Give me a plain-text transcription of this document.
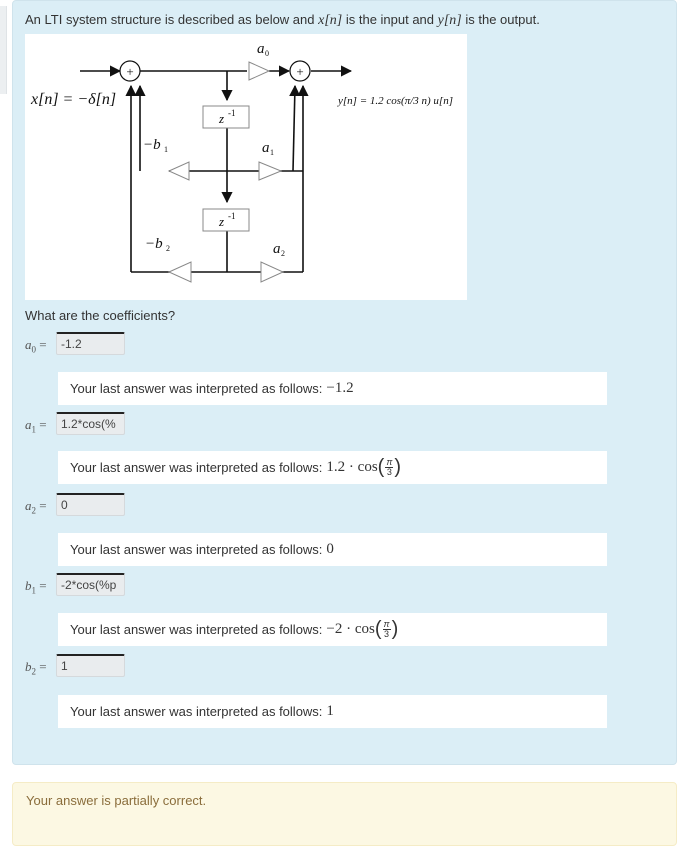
An LTI system structure is described as below and x[n] is the input and y[n] is the output.
+	+
z -1
z -1
a 0
a 1
a 2
−b 1
−b 2
x[n] = −δ[n]	y[n] = 1.2 cos(π/3 n) u[n]
What are the coefficients?
$a_0$ =
-1.2
Your last answer was interpreted as follows: −1.2
$a_1$ =
1.2*cos(%
Your last answer was interpreted as follows: 1.2 · cos ( $\frac{\pi}{3}$ )
$a_2$ =
0
Your last answer was interpreted as follows: 0
$b_1$ =
-2*cos(%p
Your last answer was interpreted as follows: −2 · cos ( $\frac{\pi}{3}$ )
$b_2$ =
1
Your last answer was interpreted as follows: 1
Your answer is partially correct.
